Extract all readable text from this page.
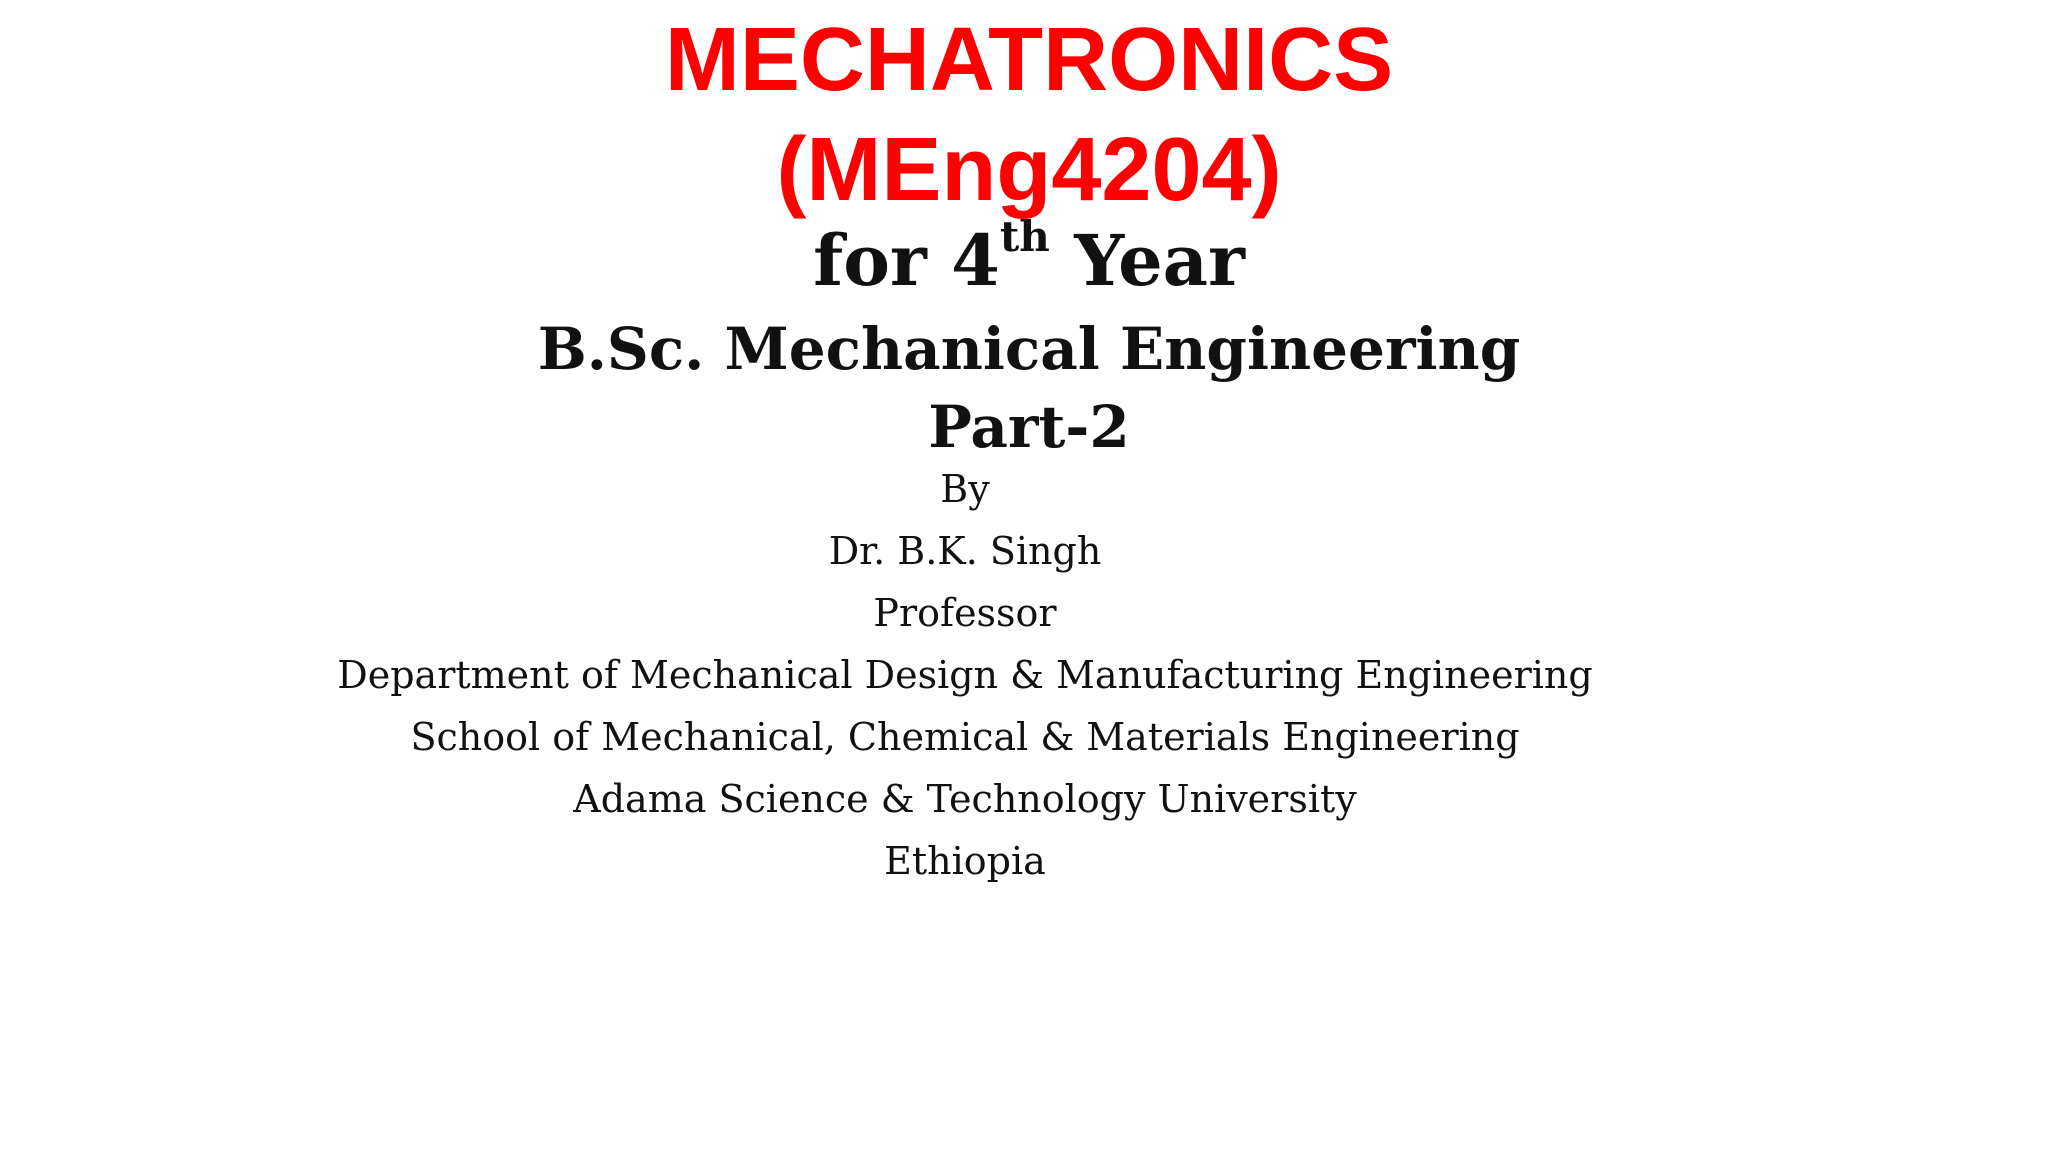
MECHATRONICS
(MEng4204)
for 4th Year
B.Sc. Mechanical Engineering
Part-2
By
Dr. B.K. Singh
Professor
Department of Mechanical Design & Manufacturing Engineering
School of Mechanical, Chemical & Materials Engineering
Adama Science & Technology University
Ethiopia
